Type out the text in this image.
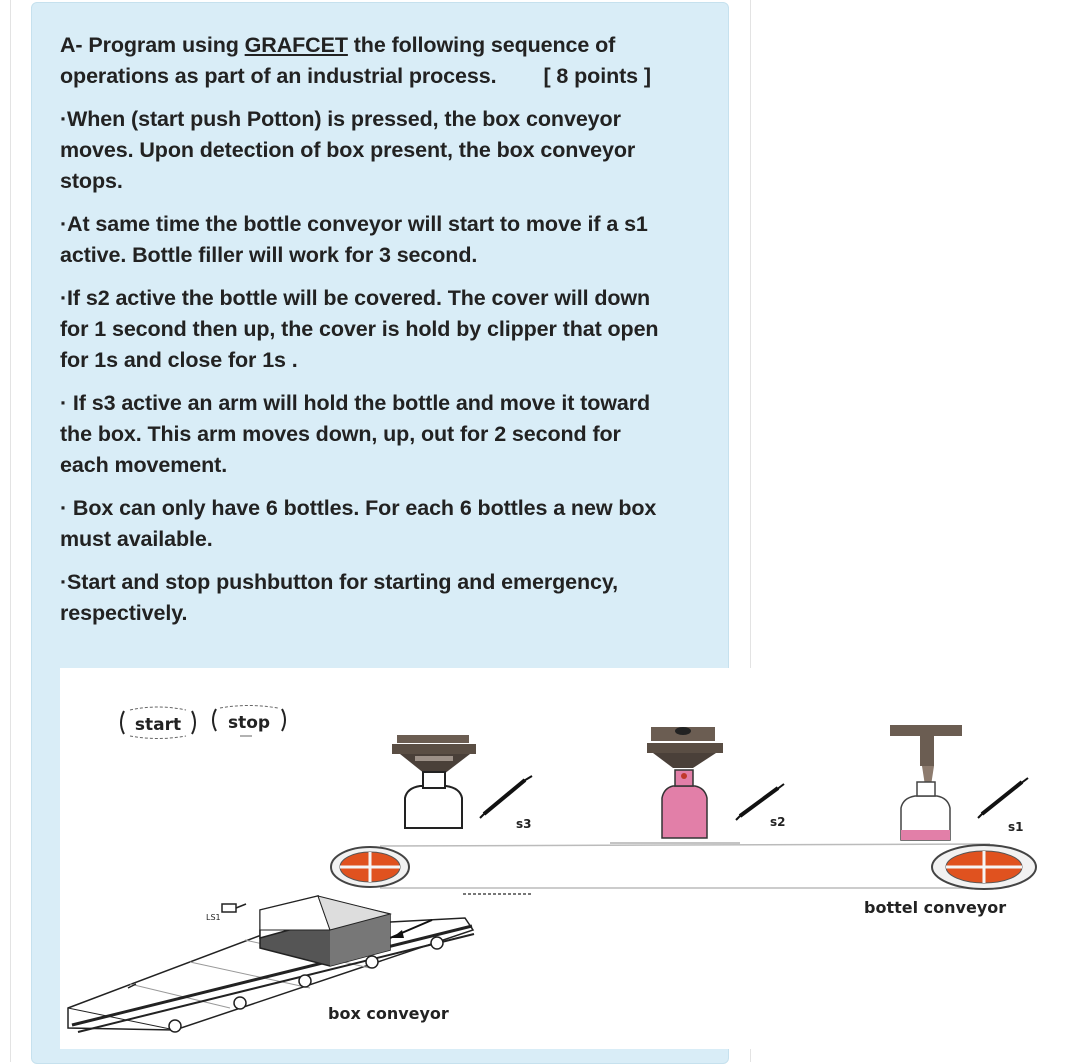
A- Program using GRAFCET the following sequence of operations as part of an industrial process. [ 8 points ]

·When (start push Potton) is pressed, the box conveyor moves. Upon detection of box present, the box conveyor stops.

·At same time the bottle conveyor will start to move if a s1 active. Bottle filler will work for 3 second.

·If s2 active the bottle will be covered. The cover will down for 1 second then up, the cover is hold by clipper that open for 1s and close for 1s .

· If s3 active an arm will hold the bottle and move it toward the box. This arm moves down, up, out for 2 second for each movement.

· Box can only have 6 bottles. For each 6 bottles a new box must available.

·Start and stop pushbutton for starting and emergency, respectively.

start	stop
s3	s2	s1
bottel conveyor
LS1
box conveyor
